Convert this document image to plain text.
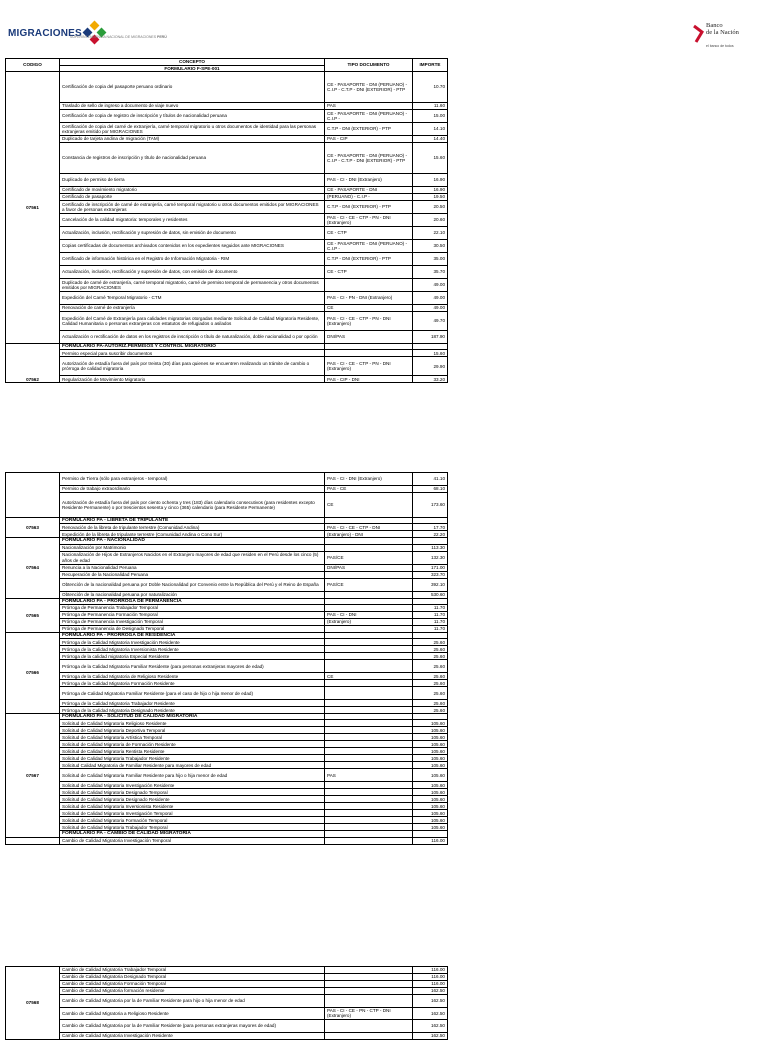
MIGRACIONES
SUPERINTENDENCIA NACIONAL DE MIGRACIONES PERÚ
Banco
de la Nación
el banco de todos
CODIGO	CONCEPTO	TIPO DOCUMENTO	IMPORTE
	FORMULARIO F-SPE-001		
07561	Certificación de copia del pasaporte peruano ordinario	CE - PASAPORTE - DNI (PERUANO) - C.I.P - C.T.P - DNI (EXTERIOR) - PTP	10.70
	Traslado de sello de ingreso a documento de viaje nuevo	PAS	11.60
	Certificación de copia de registro de inscripción y títulos de nacionalidad peruana	CE - PASAPORTE - DNI (PERUANO) - C.I.P -	15.00
	Certificación de copia del carné de extranjería, carné temporal migratorio u otros documentos de identidad para las personas extranjeras emitido por MIGRACIONES	C.T.P - DNI (EXTERIOR) - PTP	14.10
	Duplicado de tarjeta andina de migración (TAM)	PAS - CIP	14.40
	Constancia de registros de inscripción y título de nacionalidad peruana	CE - PASAPORTE - DNI (PERUANO) - C.I.P - C.T.P - DNI (EXTERIOR) - PTP	15.60
	Duplicado de permiso de tierra	PAS - CI - DNI (Extranjero)	16.90
	Certificado de movimiento migratorio	CE - PASAPORTE - DNI	16.90
	Certificado de pasaporte	(PERUANO) - C.I.P -	19.50
	Certificado de inscripción de carné de extranjería, carné temporal migratorio u otros documentos emitidos por MIGRACIONES a favor de personas extranjeras	C.T.P - DNI (EXTERIOR) - PTP	20.50
	Cancelación de la calidad migratoria: temporales y residentes	PAS - CI - CE - CTP - PN - DNI (Extranjero)	20.60
	Actualización, inclusión, rectificación y supresión de datos, sin emisión de documento	CE - CTP	22.10
	Copias certificadas de documentos archivados contenidos en los expedientes seguidos ante MIGRACIONES	CE - PASAPORTE - DNI (PERUANO) - C.I.P -	30.50
	Certificado de información histórica en el Registro de Información Migratoria - RIM	C.T.P - DNI (EXTERIOR) - PTP	35.00
	Actualización, inclusión, rectificación y supresión de datos, con emisión de documento	CE - CTP	35.70
	Duplicado de carné de extranjería, carné temporal migratorio, carné de permiso temporal de permanencia y otros documentos emitidos por MIGRACIONES		49.00
	Expedición del Carné Temporal Migratorio - CTM	PAS - CI - PN - DNI (Extranjero)	49.00
	Renovación de carné de extranjería	CE	49.00
	Expedición del Carné de Extranjería para calidades migratorias otorgadas mediante Solicitud de Calidad Migratoria Residente, Calidad Humanitaria o personas extranjeras con estatutos de refugiados o asilados	PAS - CI - CE - CTP - PN - DNI (Extranjero)	49.70
	Actualización o rectificación de datos en los registros de inscripción o título de naturalización, doble nacionalidad o por opción	DNI/PAS	187.90
07562	FORMULARIO PA-AUTORIZ.PERMISOS Y CONTROL MIGRATORIO		
	Permiso especial para suscribir documentos		15.60
	Autorización de estadía fuera del país por treinta (30) días para quienes se encuentren realizando un trámite de cambio o prórroga de calidad migratoria	PAS - CI - CE - CTP - PN - DNI (Extranjero)	29.90
	Regularización de Movimiento Migratorio	PAS - CIP - DNI	33.20
	Permiso de Tierra (sólo para extranjeros - temporal)	PAS - CI - DNI (Extranjero)	41.10
	Permiso de trabajo extraordinario	PAS - CE	68.10
	Autorización de estadía fuera del país por ciento ochenta y tres (183) días calendario consecutivos (para residentes excepto Residente Permanente) o por trescientos sesenta y cinco (365) calendario (para Residente Permanente)	CE	173.60
07563	FORMULARIO PA - LIBRETA DE TRIPULANTE		
	Renovación de la libreta de tripulante terrestre (Comunidad Andina)	PAS - CI - CE - CTP - DNI	17.70
	Expedición de la libreta de tripulante terrestre (Comunidad Andina o Cono Sur)	(Extranjero) - DNI	22.20
07564	FORMULARIO PA - NACIONALIDAD		
	Nacionalización por Matrimonio		113.30
	Nacionalización de Hijos de Extranjeros Nacidos en el Extranjero mayores de edad que residen en el Perú desde los cinco (5) años de edad	PAS/CE	132.30
	Renuncia a la Nacionalidad Peruana	DNI/PAS	171.00
	Recuperación de la Nacionalidad Peruana		323.70
	Obtención de la nacionalidad peruana por Doble Nacionalidad por Convenio entre la República del Perú y el Reino de España	PAS/CE	392.10
	Obtención de la nacionalidad peruana por naturalización		530.60
07565	FORMULARIO PA - PRORROGA DE PERMANENCIA		
	Prórroga de Permanencia Trabajador Temporal		11.70
	Prórroga de Permanencia Formación Temporal	PAS - CI - DNI	11.70
	Prórroga de Permanencia Investigación Temporal	(Extranjero)	11.70
	Prórroga de Permanencia de Designado Temporal		11.70
07566	FORMULARIO PA - PRORROGA DE RESIDENCIA		
	Prórroga de la Calidad Migratoria Investigación Residente		25.60
	Prórroga de la Calidad Migratoria Inversionista Residente		25.60
	Prórroga de la calidad migratoria Especial Residente		25.60
	Prórroga de la Calidad Migratoria Familiar Residente (para personas extranjeras mayores de edad)		25.60
	Prórroga de la Calidad Migratoria de Religioso Residente	CE	25.60
	Prórroga de la Calidad Migratoria Formación Residente		25.60
	Prórroga de Calidad Migratoria Familiar Residente (para el caso de hijo o hija menor de edad)		25.60
	Prórroga de la Calidad Migratoria Trabajador Residente		25.60
	Prórroga de la Calidad Migratoria Designado Residente		25.60
07567	FORMULARIO PA - SOLICITUD DE CALIDAD MIGRATORIA		
	Solicitud de Calidad Migratoria Religioso Residente		105.60
	Solicitud de Calidad Migratoria Deportiva Temporal		105.60
	Solicitud de Calidad Migratoria Artística Temporal		105.60
	Solicitud de Calidad Migratoria de Formación Residente		105.60
	Solicitud de Calidad Migratoria Rentista Residente		105.60
	Solicitud de Calidad Migratoria Trabajador Residente		105.60
	Solicitud Calidad Migratoria de Familiar Residente para mayores de edad		105.60
	Solicitud de Calidad Migratoria Familiar Residente para hijo o hija menor de edad	PAS	105.60
	Solicitud de Calidad Migratoria Investigación Residente		105.60
	Solicitud de Calidad Migratoria Designado Temporal		105.60
	Solicitud de Calidad Migratoria Designado Residente		105.60
	Solicitud de Calidad Migratoria Inversionista Residente		105.60
	Solicitud de Calidad Migratoria Investigación Temporal		105.60
	Solicitud de Calidad Migratoria Formación Temporal		105.60
	Solicitud de Calidad Migratoria Trabajador Temporal		105.60
	FORMULARIO PA - CAMBIO DE CALIDAD MIGRATORIA		
	Cambio de Calidad Migratoria Investigación Temporal		116.00
07568	Cambio de Calidad Migratoria Trabajador Temporal		116.00
	Cambio de Calidad Migratoria Designado Temporal		116.00
	Cambio de Calidad Migratoria Formación Temporal		116.00
	Cambio de Calidad Migratoria formación residente		162.50
	Cambio de Calidad Migratoria por la de Familiar Residente para hijo o hija menor de edad		162.50
	Cambio de Calidad Migratoria a Religioso Residente	PAS - CI - CE - PN - CTP - DNI (Extranjero)	162.50
	Cambio de Calidad Migratoria por la de Familiar Residente (para personas extranjeras mayores de edad)		162.50
	Cambio de Calidad Migratoria Investigación Residente		162.50
